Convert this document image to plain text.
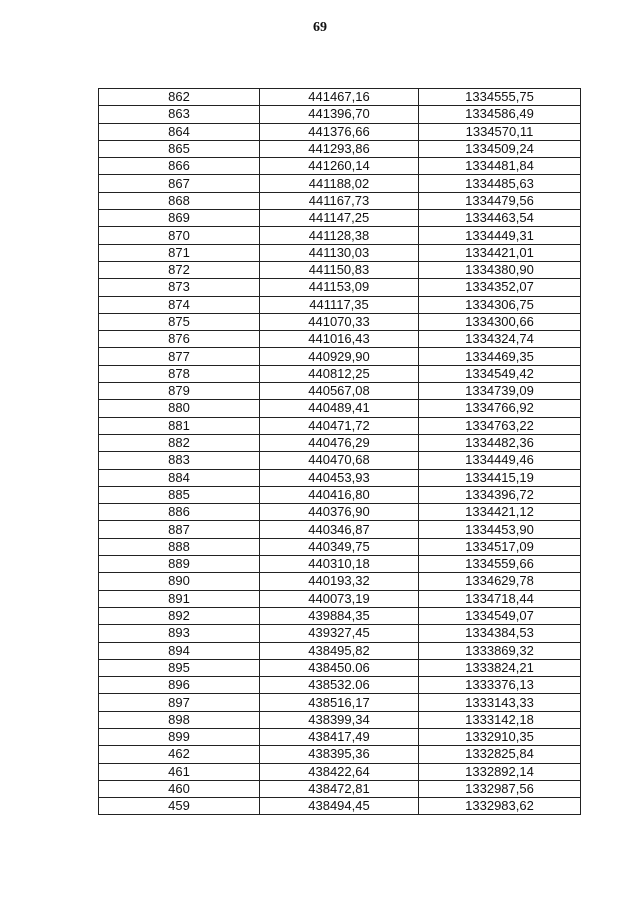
69
862	441467,16	1334555,75
863	441396,70	1334586,49
864	441376,66	1334570,11
865	441293,86	1334509,24
866	441260,14	1334481,84
867	441188,02	1334485,63
868	441167,73	1334479,56
869	441147,25	1334463,54
870	441128,38	1334449,31
871	441130,03	1334421,01
872	441150,83	1334380,90
873	441153,09	1334352,07
874	441117,35	1334306,75
875	441070,33	1334300,66
876	441016,43	1334324,74
877	440929,90	1334469,35
878	440812,25	1334549,42
879	440567,08	1334739,09
880	440489,41	1334766,92
881	440471,72	1334763,22
882	440476,29	1334482,36
883	440470,68	1334449,46
884	440453,93	1334415,19
885	440416,80	1334396,72
886	440376,90	1334421,12
887	440346,87	1334453,90
888	440349,75	1334517,09
889	440310,18	1334559,66
890	440193,32	1334629,78
891	440073,19	1334718,44
892	439884,35	1334549,07
893	439327,45	1334384,53
894	438495,82	1333869,32
895	438450.06	1333824,21
896	438532.06	1333376,13
897	438516,17	1333143,33
898	438399,34	1333142,18
899	438417,49	1332910,35
462	438395,36	1332825,84
461	438422,64	1332892,14
460	438472,81	1332987,56
459	438494,45	1332983,62
